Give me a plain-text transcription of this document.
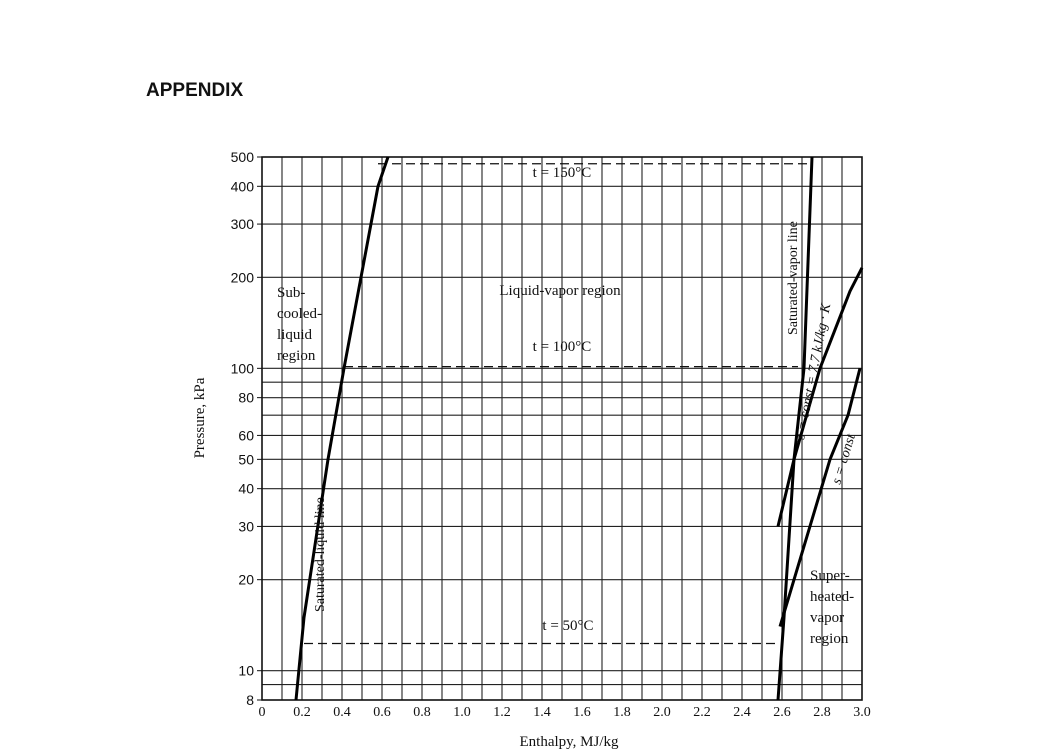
APPENDIX
8
10
20
30
40
50
60
80
100
200
300
400
500
0 0.2 0.4 0.6 0.8 1.0 1.2 1.4 1.6 1.8 2.0 2.2 2.4 2.6 2.8 3.0
Pressure, kPa
Enthalpy, MJ/kg
t = 150°C
t = 100°C
t = 50°C
Sub-
cooled-
liquid
region
Liquid-vapor region
Super-
heated-
vapor
region
Saturated-liquid line
Saturated-vapor line
s = const = 7.7 kJ/kg · K
s = const
